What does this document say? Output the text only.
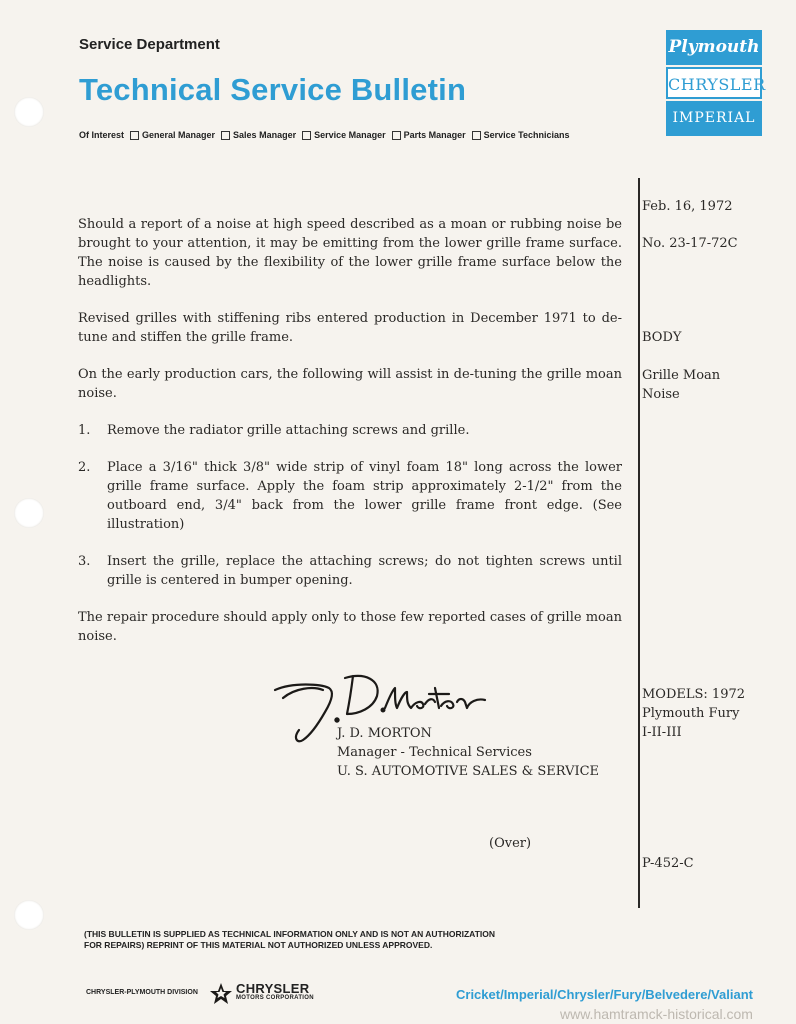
Service Department
Technical Service Bulletin
Of Interest General Manager Sales Manager Service Manager Parts Manager Service Technicians
Plymouth
CHRYSLER
IMPERIAL

Should a report of a noise at high speed described as a moan or rubbing noise be brought to your attention, it may be emitting from the lower grille frame surface. The noise is caused by the flexibility of the lower grille frame surface below the headlights.

Revised grilles with stiffening ribs entered production in December 1971 to de-tune and stiffen the grille frame.

On the early production cars, the following will assist in de-tuning the grille moan noise.

1.	Remove the radiator grille attaching screws and grille.
2.	Place a 3/16" thick 3/8" wide strip of vinyl foam 18" long across the lower grille frame surface. Apply the foam strip approximately 2-1/2" from the outboard end, 3/4" back from the lower grille frame front edge. (See illustration)
3.	Insert the grille, replace the attaching screws; do not tighten screws until grille is centered in bumper opening.

The repair procedure should apply only to those few reported cases of grille moan noise.

Feb. 16, 1972
No. 23-17-72C
BODY
Grille Moan
Noise
MODELS: 1972
Plymouth Fury
I-II-III
P-452-C
J. D. MORTON
Manager - Technical Services
U. S. AUTOMOTIVE SALES & SERVICE
(Over)
(THIS BULLETIN IS SUPPLIED AS TECHNICAL INFORMATION ONLY AND IS NOT AN AUTHORIZATION
FOR REPAIRS) REPRINT OF THIS MATERIAL NOT AUTHORIZED UNLESS APPROVED.
CHRYSLER-PLYMOUTH DIVISION	CHRYSLER
MOTORS CORPORATION	Cricket/Imperial/Chrysler/Fury/Belvedere/Valiant
www.hamtramck-historical.com
